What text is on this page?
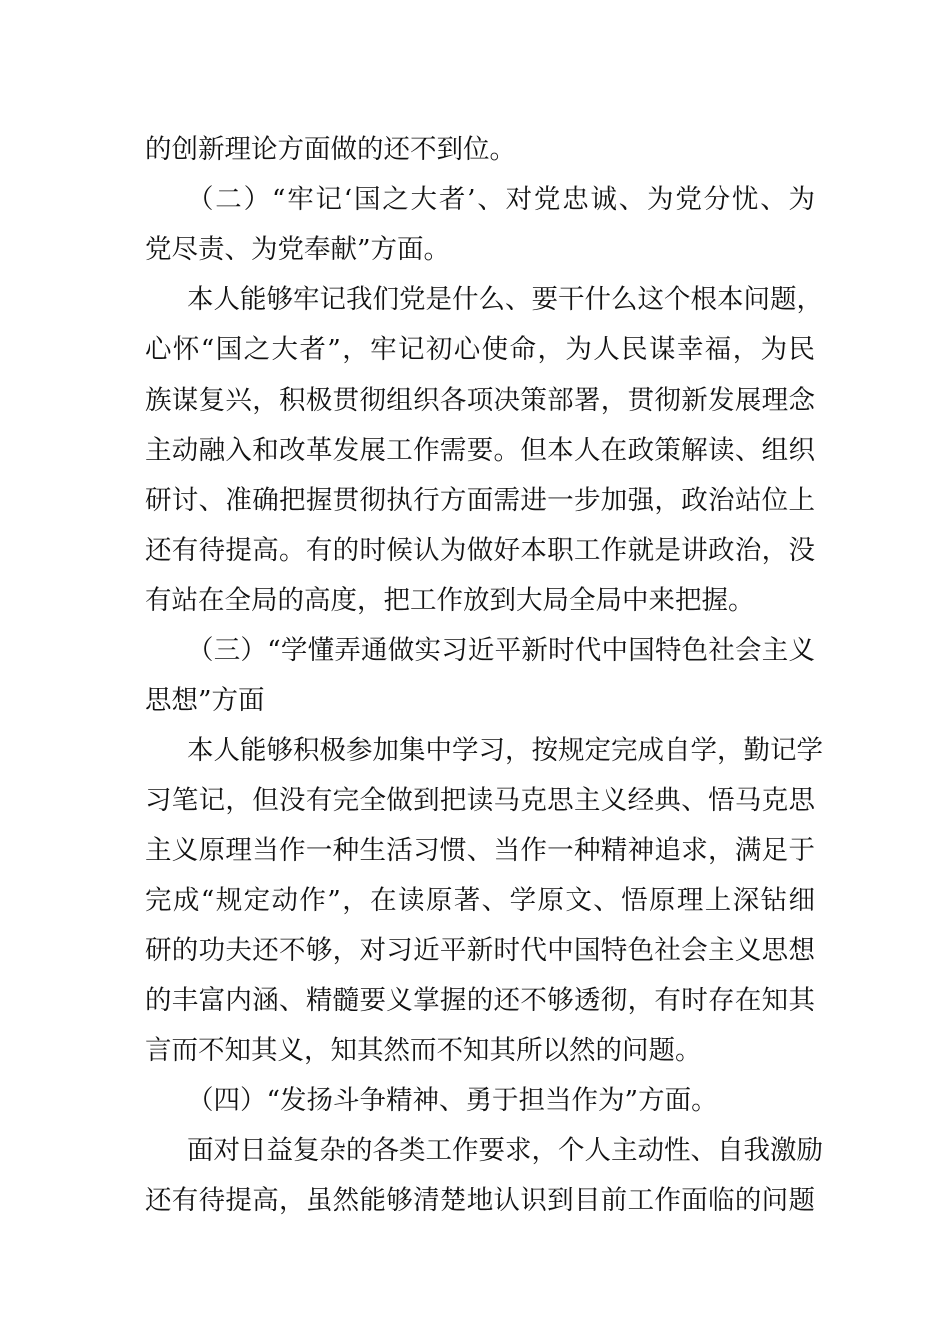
的创新理论方面做的还不到位。
（二）“牢记‘国之大者’、对党忠诚、为党分忧、为
党尽责、为党奉献”方面。
本人能够牢记我们党是什么、要干什么这个根本问题，
心怀“国之大者”，牢记初心使命，为人民谋幸福，为民
族谋复兴，积极贯彻组织各项决策部署，贯彻新发展理念
主动融入和改革发展工作需要。但本人在政策解读、组织
研讨、准确把握贯彻执行方面需进一步加强，政治站位上
还有待提高。有的时候认为做好本职工作就是讲政治，没
有站在全局的高度，把工作放到大局全局中来把握。
（三）“学懂弄通做实习近平新时代中国特色社会主义
思想”方面
本人能够积极参加集中学习，按规定完成自学，勤记学
习笔记，但没有完全做到把读马克思主义经典、悟马克思
主义原理当作一种生活习惯、当作一种精神追求，满足于
完成“规定动作”，在读原著、学原文、悟原理上深钻细
研的功夫还不够，对习近平新时代中国特色社会主义思想
的丰富内涵、精髓要义掌握的还不够透彻，有时存在知其
言而不知其义，知其然而不知其所以然的问题。
（四）“发扬斗争精神、勇于担当作为”方面。
面对日益复杂的各类工作要求，个人主动性、自我激励
还有待提高，虽然能够清楚地认识到目前工作面临的问题
